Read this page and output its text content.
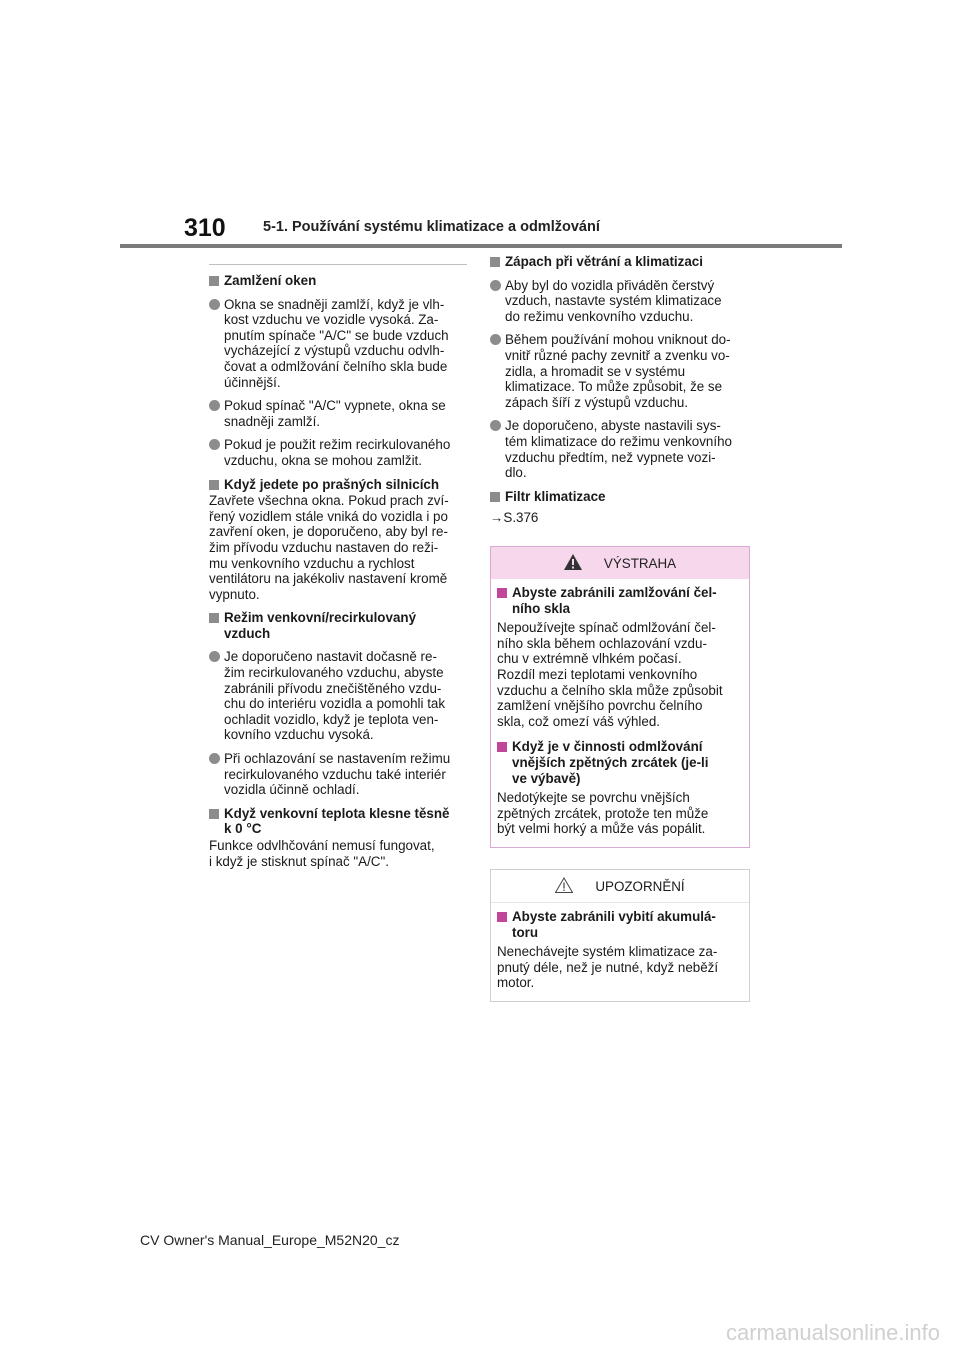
310	5-1. Používání systému klimatizace a odmlžování
Zamlžení oken
Okna se snadněji zamlží, když je vlh-
kost vzduchu ve vozidle vysoká. Za-
pnutím spínače "A/C" se bude vzduch
vycházející z výstupů vzduchu odvlh-
čovat a odmlžování čelního skla bude
účinnější.
Pokud spínač "A/C" vypnete, okna se
snadněji zamlží.
Pokud je použit režim recirkulovaného
vzduchu, okna se mohou zamlžit.
Když jedete po prašných silnicích
Zavřete všechna okna. Pokud prach zví-
řený vozidlem stále vniká do vozidla i po
zavření oken, je doporučeno, aby byl re-
žim přívodu vzduchu nastaven do reži-
mu venkovního vzduchu a rychlost
ventilátoru na jakékoliv nastavení kromě
vypnuto.
Režim venkovní/recirkulovaný
vzduch
Je doporučeno nastavit dočasně re-
žim recirkulovaného vzduchu, abyste
zabránili přívodu znečištěného vzdu-
chu do interiéru vozidla a pomohli tak
ochladit vozidlo, když je teplota ven-
kovního vzduchu vysoká.
Při ochlazování se nastavením režimu
recirkulovaného vzduchu také interiér
vozidla účinně ochladí.
Když venkovní teplota klesne těsně
k 0 °C
Funkce odvlhčování nemusí fungovat,
i když je stisknut spínač "A/C".
Zápach při větrání a klimatizaci
Aby byl do vozidla přiváděn čerstvý
vzduch, nastavte systém klimatizace
do režimu venkovního vzduchu.
Během používání mohou vniknout do-
vnitř různé pachy zevnitř a zvenku vo-
zidla, a hromadit se v systému
klimatizace. To může způsobit, že se
zápach šíří z výstupů vzduchu.
Je doporučeno, abyste nastavili sys-
tém klimatizace do režimu venkovního
vzduchu předtím, než vypnete vozi-
dlo.
Filtr klimatizace
→S.376
VÝSTRAHA
Abyste zabránili zamlžování čel-
ního skla
Nepoužívejte spínač odmlžování čel-
ního skla během ochlazování vzdu-
chu v extrémně vlhkém počasí.
Rozdíl mezi teplotami venkovního
vzduchu a čelního skla může způsobit
zamlžení vnějšího povrchu čelního
skla, což omezí váš výhled.
Když je v činnosti odmlžování
vnějších zpětných zrcátek (je-li
ve výbavě)
Nedotýkejte se povrchu vnějších
zpětných zrcátek, protože ten může
být velmi horký a může vás popálit.
UPOZORNĚNÍ
Abyste zabránili vybití akumulá-
toru
Nenechávejte systém klimatizace za-
pnutý déle, než je nutné, když neběží
motor.
CV Owner's Manual_Europe_M52N20_cz
carmanualsonline.info
